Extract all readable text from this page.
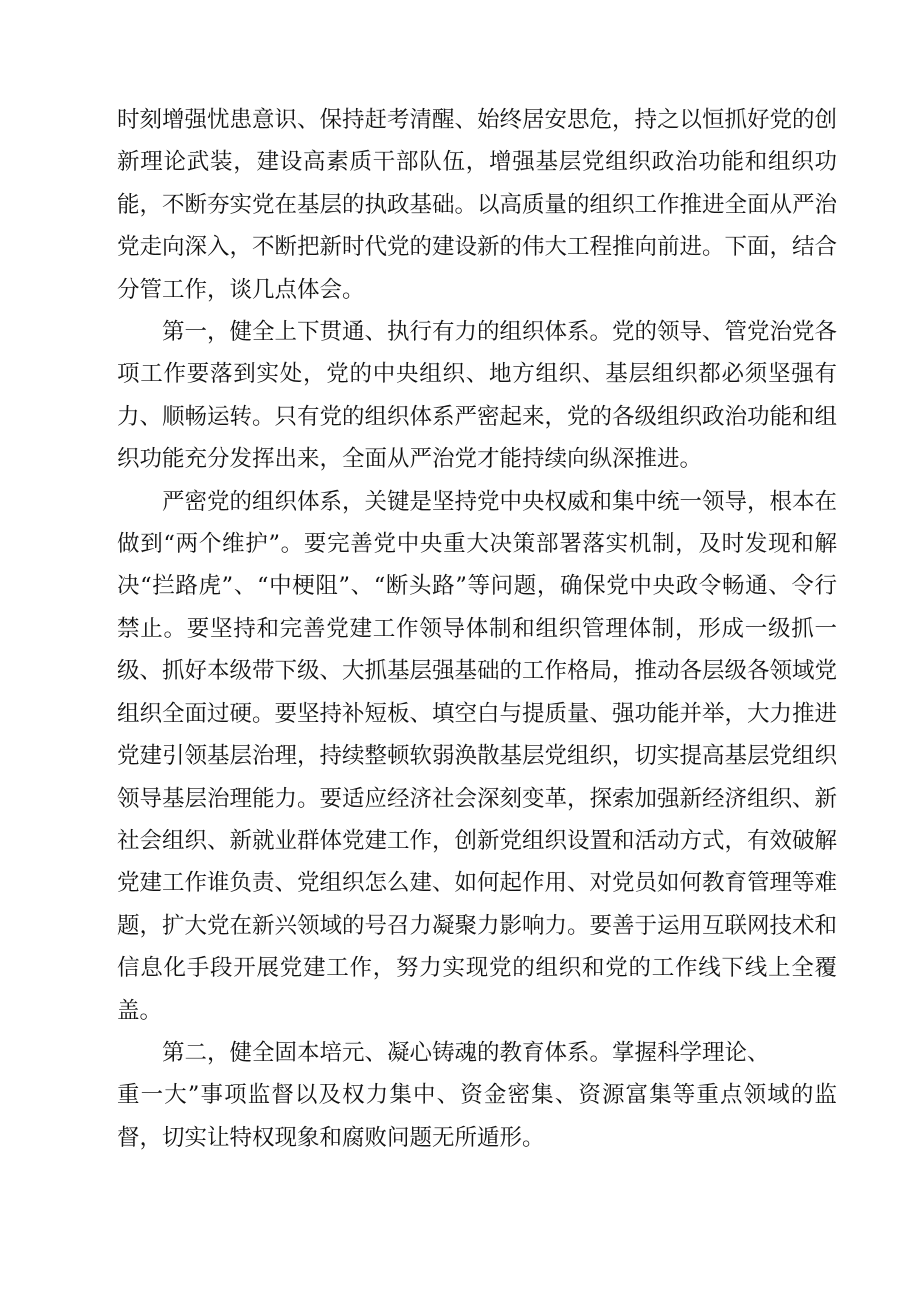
时刻增强忧患意识、保持赶考清醒、始终居安思危，持之以恒抓好党的创新理论武装，建设高素质干部队伍，增强基层党组织政治功能和组织功能，不断夯实党在基层的执政基础。以高质量的组织工作推进全面从严治党走向深入，不断把新时代党的建设新的伟大工程推向前进。下面，结合分管工作，谈几点体会。

第一，健全上下贯通、执行有力的组织体系。党的领导、管党治党各项工作要落到实处，党的中央组织、地方组织、基层组织都必须坚强有力、顺畅运转。只有党的组织体系严密起来，党的各级组织政治功能和组织功能充分发挥出来，全面从严治党才能持续向纵深推进。

严密党的组织体系，关键是坚持党中央权威和集中统一领导，根本在做到“两个维护”。要完善党中央重大决策部署落实机制，及时发现和解决“拦路虎”、“中梗阻”、“断头路”等问题，确保党中央政令畅通、令行禁止。要坚持和完善党建工作领导体制和组织管理体制，形成一级抓一级、抓好本级带下级、大抓基层强基础的工作格局，推动各层级各领域党组织全面过硬。要坚持补短板、填空白与提质量、强功能并举，大力推进党建引领基层治理，持续整顿软弱涣散基层党组织，切实提高基层党组织领导基层治理能力。要适应经济社会深刻变革，探索加强新经济组织、新社会组织、新就业群体党建工作，创新党组织设置和活动方式，有效破解党建工作谁负责、党组织怎么建、如何起作用、对党员如何教育管理等难题，扩大党在新兴领域的号召力凝聚力影响力。要善于运用互联网技术和信息化手段开展党建工作，努力实现党的组织和党的工作线下线上全覆盖。

第二，健全固本培元、凝心铸魂的教育体系。掌握科学理论、

重一大”事项监督以及权力集中、资金密集、资源富集等重点领域的监督，切实让特权现象和腐败问题无所遁形。
